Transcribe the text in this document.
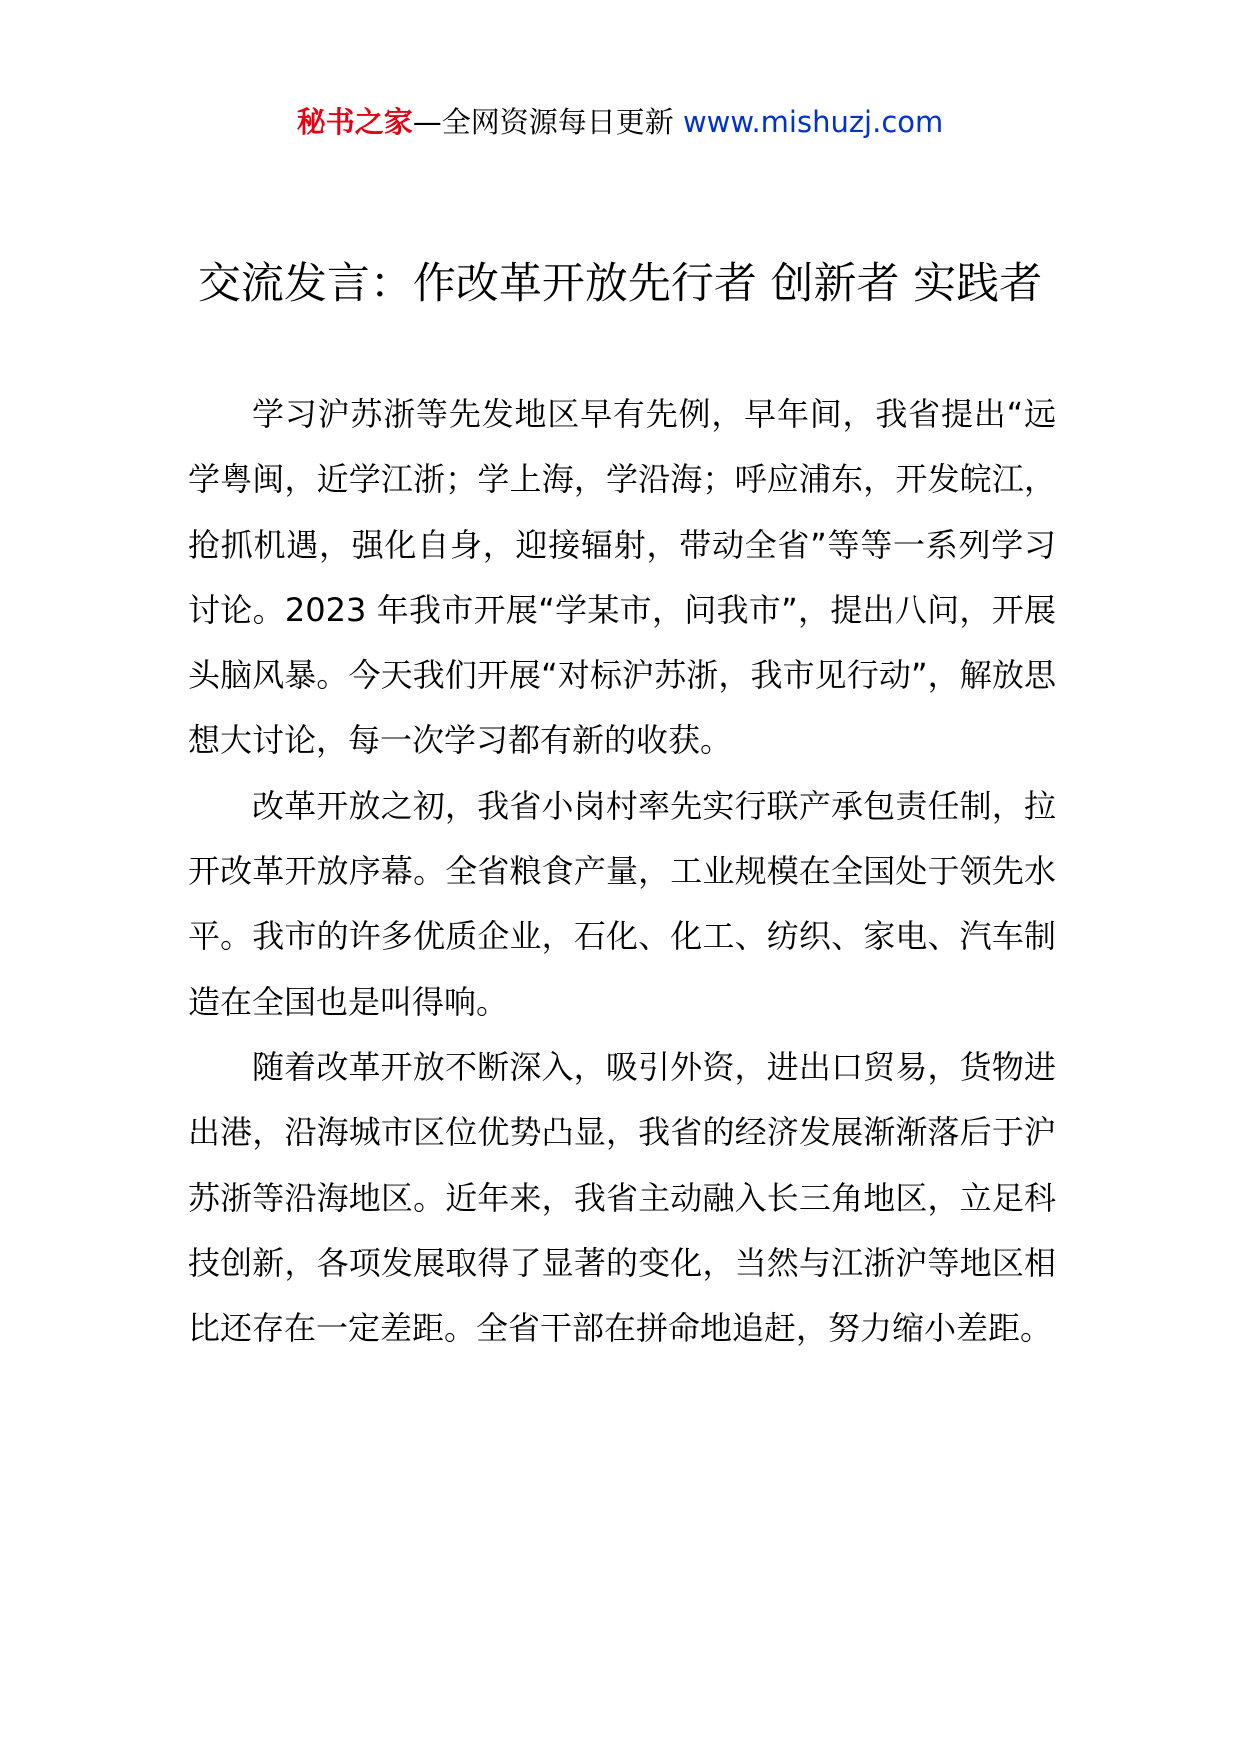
秘书之家—全网资源每日更新 www.mishuzj.com
交流发言：作改革开放先行者 创新者 实践者

学习沪苏浙等先发地区早有先例，早年间，我省提出“远学粤闽，近学江浙；学上海，学沿海；呼应浦东，开发皖江，抢抓机遇，强化自身，迎接辐射，带动全省”等等一系列学习讨论。2023 年我市开展“学某市，问我市”，提出八问，开展头脑风暴。今天我们开展“对标沪苏浙，我市见行动”，解放思想大讨论，每一次学习都有新的收获。

改革开放之初，我省小岗村率先实行联产承包责任制，拉开改革开放序幕。全省粮食产量，工业规模在全国处于领先水平。我市的许多优质企业，石化、化工、纺织、家电、汽车制造在全国也是叫得响。

随着改革开放不断深入，吸引外资，进出口贸易，货物进出港，沿海城市区位优势凸显，我省的经济发展渐渐落后于沪苏浙等沿海地区。近年来，我省主动融入长三角地区，立足科技创新，各项发展取得了显著的变化，当然与江浙沪等地区相比还存在一定差距。全省干部在拼命地追赶，努力缩小差距。
